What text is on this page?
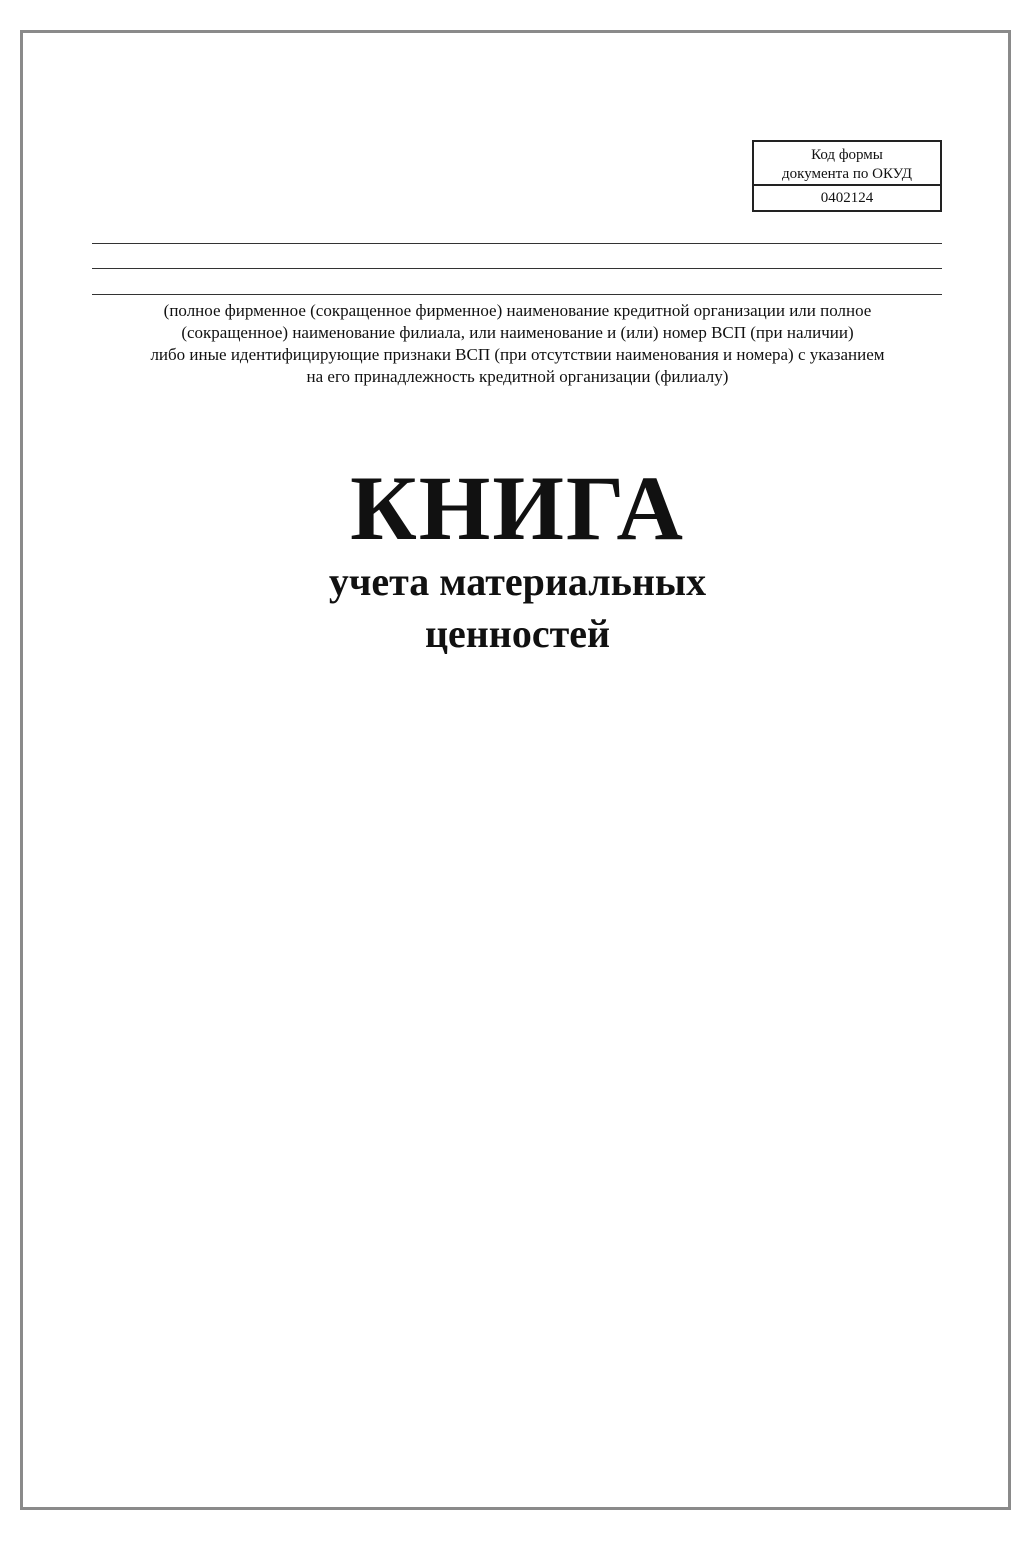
Код формы
документа по ОКУД
0402124
(полное фирменное (сокращенное фирменное) наименование кредитной организации или полное
(сокращенное) наименование филиала, или наименование и (или) номер ВСП (при наличии)
либо иные идентифицирующие признаки ВСП (при отсутствии наименования и номера) с указанием
на его принадлежность кредитной организации (филиалу)
КНИГА
учета материальных
ценностей
